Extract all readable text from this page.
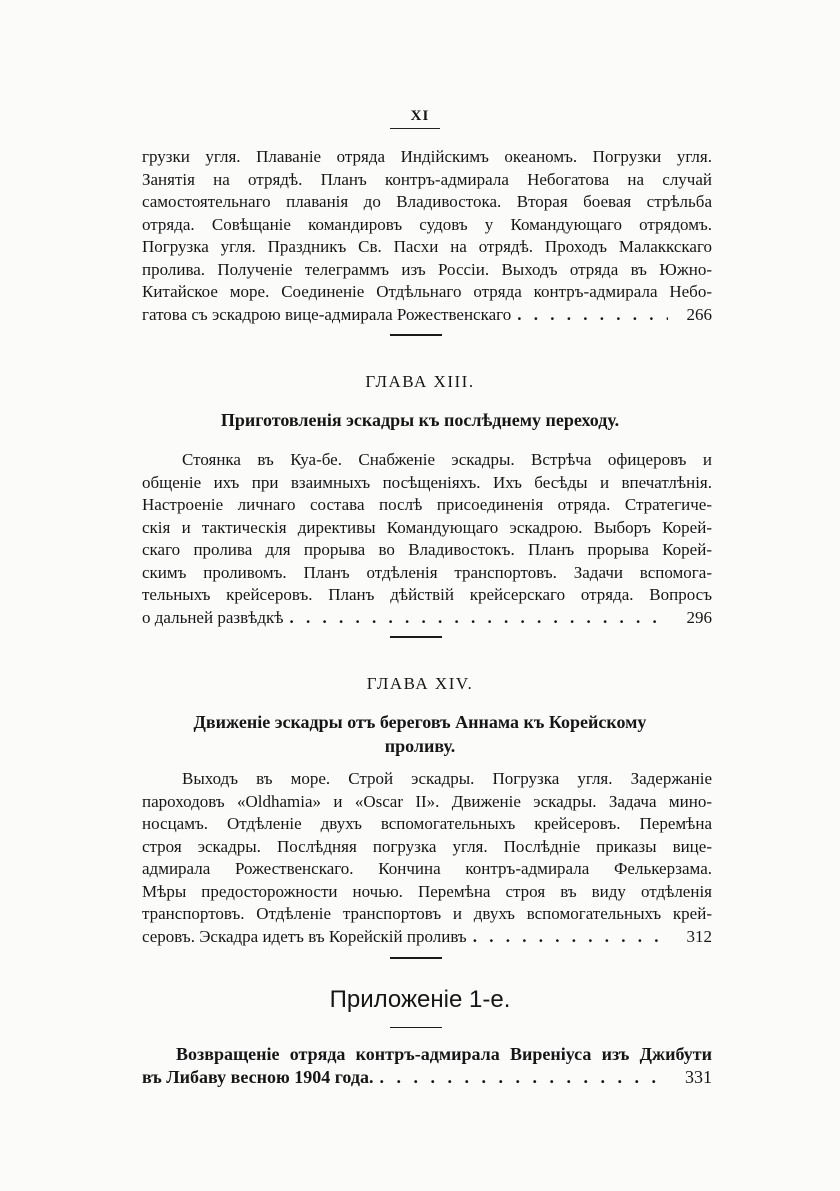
XI
грузки угля. Плаванiе отряда Индiйскимъ океаномъ. Погрузки угля.
Занятiя на отрядѣ. Планъ контръ-адмирала Небогатова на случай
самостоятельнаго плаванiя до Владивостока. Вторая боевая стрѣльба
отряда. Совѣщанiе командировъ судовъ у Командующаго отрядомъ.
Погрузка угля. Праздникъ Св. Пасхи на отрядѣ. Проходъ Малаккскаго
пролива. Полученiе телеграммъ изъ Россiи. Выходъ отряда въ Южно-
Китайское море. Соединенiе Отдѣльнаго отряда контръ-адмирала Небо-
гатова съ эскадрою вице-адмирала Рожественскаго . . .	266
ГЛАВА XIII.
Приготовленiя эскадры къ послѣднему переходу.
Стоянка въ Куа-бе. Снабженiе эскадры. Встрѣча офицеровъ и
общенiе ихъ при взаимныхъ посѣщенiяхъ. Ихъ бесѣды и впечатлѣнiя.
Настроенiе личнаго состава послѣ присоединенiя отряда. Стратегиче-
скiя и тактическiя директивы Командующаго эскадрою. Выборъ Корей-
скаго пролива для прорыва во Владивостокъ. Планъ прорыва Корей-
скимъ проливомъ. Планъ отдѣленiя транспортовъ. Задачи вспомога-
тельныхъ крейсеровъ. Планъ дѣйствiй крейсерскаго отряда. Вопросъ
о дальней развѣдкѣ . . .	296
ГЛАВА XIV.
Движенiе эскадры отъ береговъ Аннама къ Корейскому
проливу.
Выходъ въ море. Строй эскадры. Погрузка угля. Задержанiе
пароходовъ «Oldhamia» и «Oscar II». Движенiе эскадры. Задача мино-
носцамъ. Отдѣленiе двухъ вспомогательныхъ крейсеровъ. Перемѣна
строя эскадры. Послѣдняя погрузка угля. Послѣднiе приказы вице-
адмирала Рожественскаго. Кончина контръ-адмирала Фелькерзама.
Мѣры предосторожности ночью. Перемѣна строя въ виду отдѣленiя
транспортовъ. Отдѣленiе транспортовъ и двухъ вспомогательныхъ крей-
серовъ. Эскадра идетъ въ Корейскiй проливъ . . .	312
Приложенiе 1-е.
Возвращенiе отряда контръ-адмирала Виренiуса изъ Джибути
въ Либаву весною 1904 года. . . .	331
